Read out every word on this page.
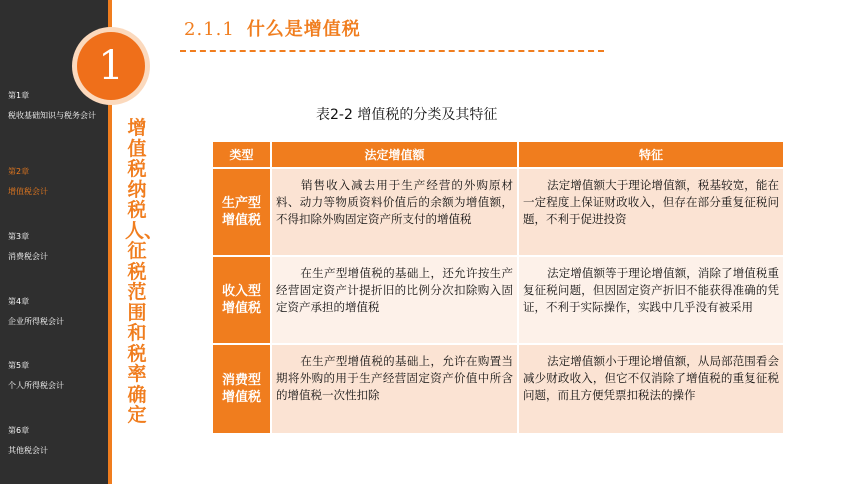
第1章
税收基础知识与税务会计
第2章
增值税会计
第3章
消费税会计
第4章
企业所得税会计
第5章
个人所得税会计
第6章
其他税会计
1
增值税纳税人、征税范围和税率确定
2.1.1 什么是增值税
表2-2 增值税的分类及其特征
类型	法定增值额	特征
生产型增值税	销售收入减去用于生产经营的外购原材料、动力等物质资料价值后的余额为增值额，不得扣除外购固定资产所支付的增值税	法定增值额大于理论增值额，税基较宽，能在一定程度上保证财政收入，但存在部分重复征税问题，不利于促进投资
收入型增值税	在生产型增值税的基础上，还允许按生产经营固定资产计提折旧的比例分次扣除购入固定资产承担的增值税	法定增值额等于理论增值额，消除了增值税重复征税问题，但因固定资产折旧不能获得准确的凭证，不利于实际操作，实践中几乎没有被采用
消费型增值税	在生产型增值税的基础上，允许在购置当期将外购的用于生产经营固定资产价值中所含的增值税一次性扣除	法定增值额小于理论增值额，从局部范围看会减少财政收入，但它不仅消除了增值税的重复征税问题，而且方便凭票扣税法的操作
